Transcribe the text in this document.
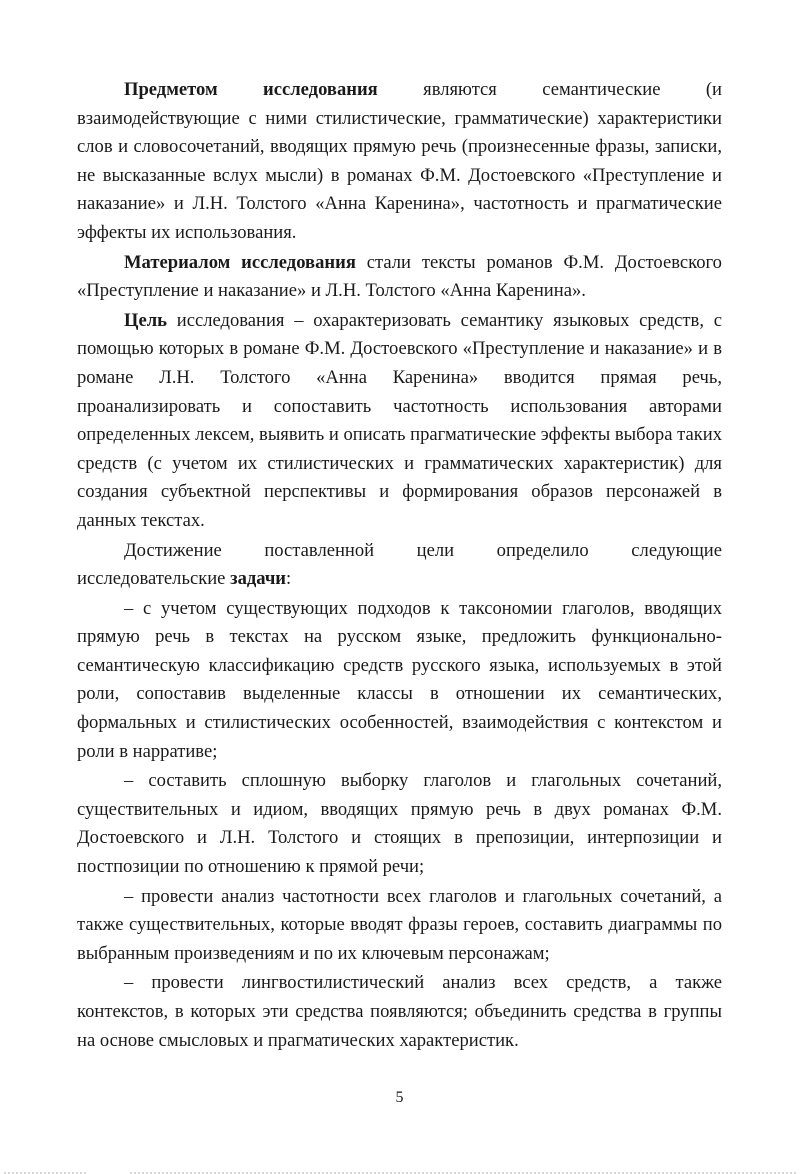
Предметом исследования являются семантические (и взаимодействующие с ними стилистические, грамматические) характеристики слов и словосочетаний, вводящих прямую речь (произнесенные фразы, записки, не высказанные вслух мысли) в романах Ф.М. Достоевского «Преступление и наказание» и Л.Н. Толстого «Анна Каренина», частотность и прагматические эффекты их использования.

Материалом исследования стали тексты романов Ф.М. Достоевского «Преступление и наказание» и Л.Н. Толстого «Анна Каренина».

Цель исследования – охарактеризовать семантику языковых средств, с помощью которых в романе Ф.М. Достоевского «Преступление и наказание» и в романе Л.Н. Толстого «Анна Каренина» вводится прямая речь, проанализировать и сопоставить частотность использования авторами определенных лексем, выявить и описать прагматические эффекты выбора таких средств (с учетом их стилистических и грамматических характеристик) для создания субъектной перспективы и формирования образов персонажей в данных текстах.

Достижение поставленной цели определило следующие исследовательские задачи:

– с учетом существующих подходов к таксономии глаголов, вводящих прямую речь в текстах на русском языке, предложить функционально-семантическую классификацию средств русского языка, используемых в этой роли, сопоставив выделенные классы в отношении их семантических, формальных и стилистических особенностей, взаимодействия с контекстом и роли в нарративе;

– составить сплошную выборку глаголов и глагольных сочетаний, существительных и идиом, вводящих прямую речь в двух романах Ф.М. Достоевского и Л.Н. Толстого и стоящих в препозиции, интерпозиции и постпозиции по отношению к прямой речи;

– провести анализ частотности всех глаголов и глагольных сочетаний, а также существительных, которые вводят фразы героев, составить диаграммы по выбранным произведениям и по их ключевым персонажам;

– провести лингвостилистический анализ всех средств, а также контекстов, в которых эти средства появляются; объединить средства в группы на основе смысловых и прагматических характеристик.

5
